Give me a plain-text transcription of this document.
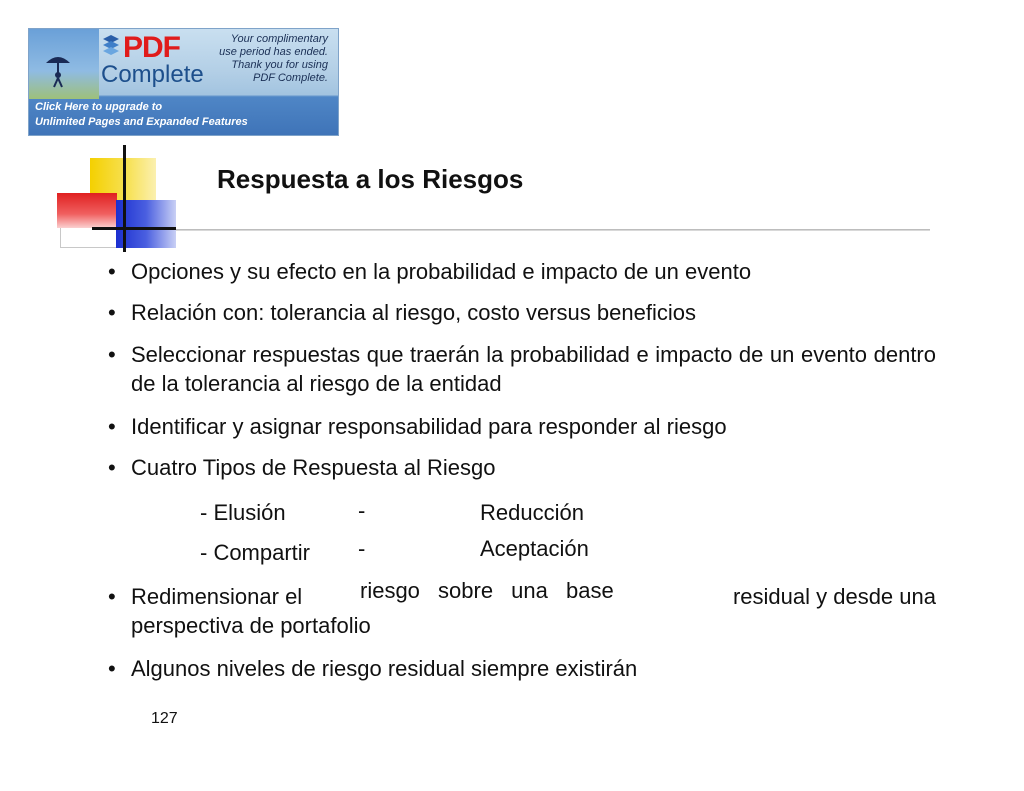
PDF
Complete
Your complimentary
use period has ended.
Thank you for using
PDF Complete.
Click Here to upgrade to
Unlimited Pages and Expanded Features
Respuesta a los Riesgos
• Opciones y su efecto en la probabilidad e impacto de un evento
• Relación con: tolerancia al riesgo, costo versus beneficios
• Seleccionar respuestas que traerán la probabilidad e impacto de un evento dentro de la tolerancia al riesgo de la entidad
• Identificar y asignar responsabilidad para responder al riesgo
• Cuatro Tipos de Respuesta al Riesgo
- Elusión	-	Reducción
- Compartir -	Aceptación
• Redimensionar el	residual y desde una
perspectiva de portafolio
riesgo sobre una base
• Algunos niveles de riesgo residual siempre existirán
127
